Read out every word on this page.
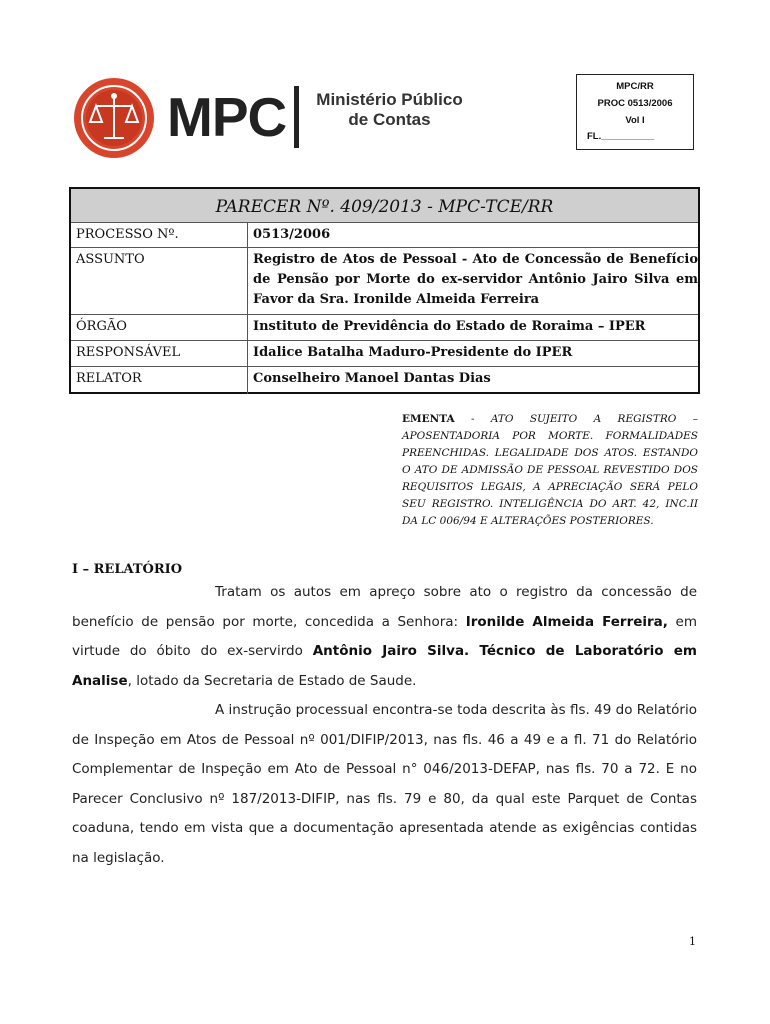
MPC	Ministério Público
de Contas
MPC/RR
PROC 0513/2006
Vol I
FL.__________
PARECER Nº. 409/2013 - MPC-TCE/RR
PROCESSO Nº.	0513/2006
ASSUNTO	Registro de Atos de Pessoal - Ato de Concessão de Benefício de Pensão por Morte do ex-servidor Antônio Jairo Silva em Favor da Sra. Ironilde Almeida Ferreira
ÓRGÃO	Instituto de Previdência do Estado de Roraima – IPER
RESPONSÁVEL	Idalice Batalha Maduro-Presidente do IPER
RELATOR	Conselheiro Manoel Dantas Dias
EMENTA - ATO SUJEITO A REGISTRO – APOSENTADORIA POR MORTE. FORMALIDADES PREENCHIDAS. LEGALIDADE DOS ATOS. ESTANDO O ATO DE ADMISSÃO DE PESSOAL REVESTIDO DOS REQUISITOS LEGAIS, A APRECIAÇÃO SERÁ PELO SEU REGISTRO. INTELIGÊNCIA DO ART. 42, INC.II DA LC 006/94 E ALTERAÇÕES POSTERIORES.
I – RELATÓRIO
Tratam os autos em apreço sobre ato o registro da concessão de benefício de pensão por morte, concedida a Senhora: Ironilde Almeida Ferreira, em virtude do óbito do ex-servirdo Antônio Jairo Silva. Técnico de Laboratório em Analise, lotado da Secretaria de Estado de Saude.
A instrução processual encontra-se toda descrita às fls. 49 do Relatório de Inspeção em Atos de Pessoal nº 001/DIFIP/2013, nas fls. 46 a 49 e a fl. 71 do Relatório Complementar de Inspeção em Ato de Pessoal n° 046/2013-DEFAP, nas fls. 70 a 72. E no Parecer Conclusivo nº 187/2013-DIFIP, nas fls. 79 e 80, da qual este Parquet de Contas coaduna, tendo em vista que a documentação apresentada atende as exigências contidas na legislação.
1
